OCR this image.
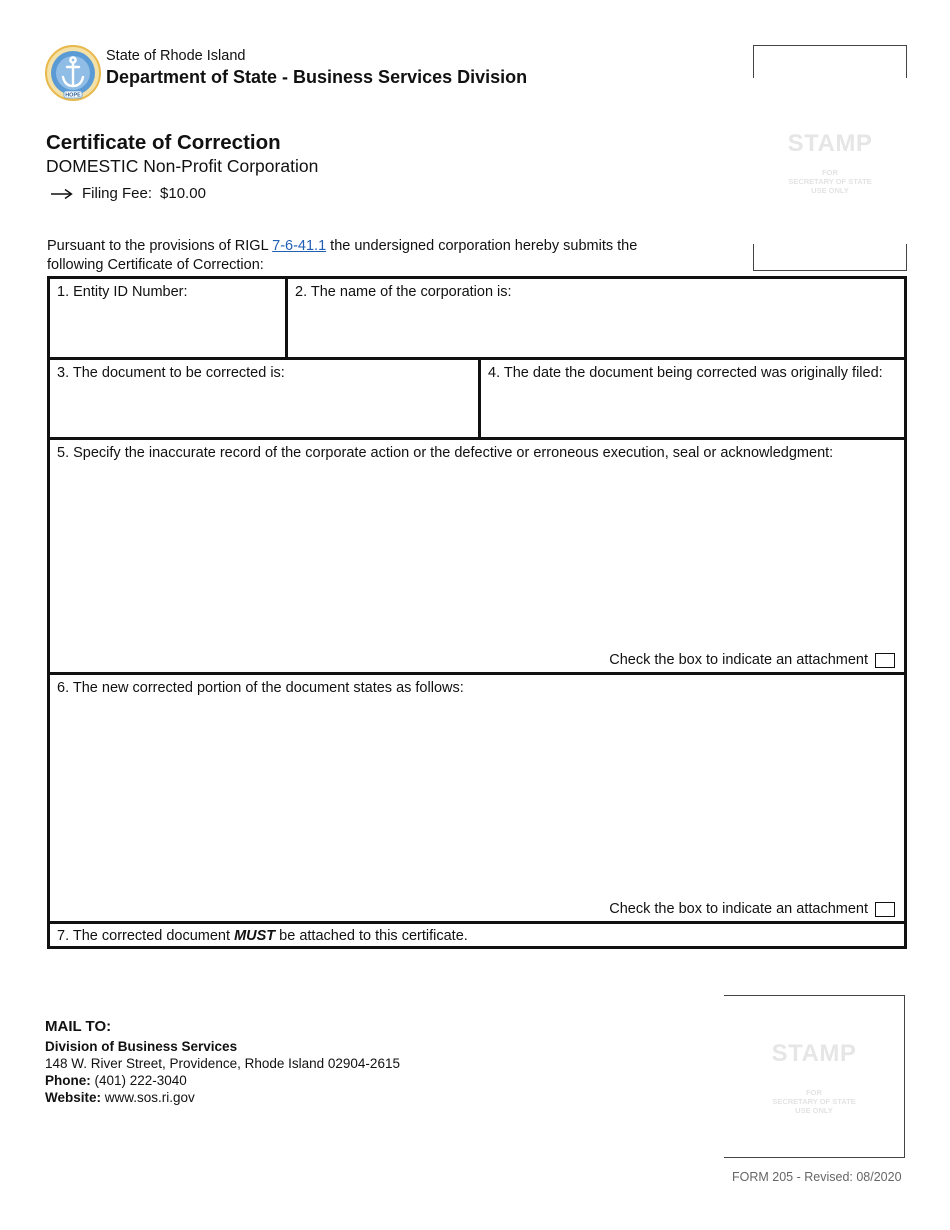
HOPE
State of Rhode Island
Department of State - Business Services Division
STAMP
FOR
SECRETARY OF STATE
USE ONLY
Certificate of Correction
DOMESTIC Non-Profit Corporation
Filing Fee: $10.00
Pursuant to the provisions of RIGL 7-6-41.1 the undersigned corporation hereby submits the
following Certificate of Correction:
1. Entity ID Number:	2. The name of the corporation is:
3. The document to be corrected is:	4. The date the document being corrected was originally filed:
5. Specify the inaccurate record of the corporate action or the defective or erroneous execution, seal or acknowledgment:
Check the box to indicate an attachment
6. The new corrected portion of the document states as follows:
Check the box to indicate an attachment
7. The corrected document MUST be attached to this certificate.
MAIL TO:
Division of Business Services
148 W. River Street, Providence, Rhode Island 02904-2615
Phone: (401) 222-3040
Website: www.sos.ri.gov
STAMP
FOR
SECRETARY OF STATE
USE ONLY
FORM 205 - Revised: 08/2020
